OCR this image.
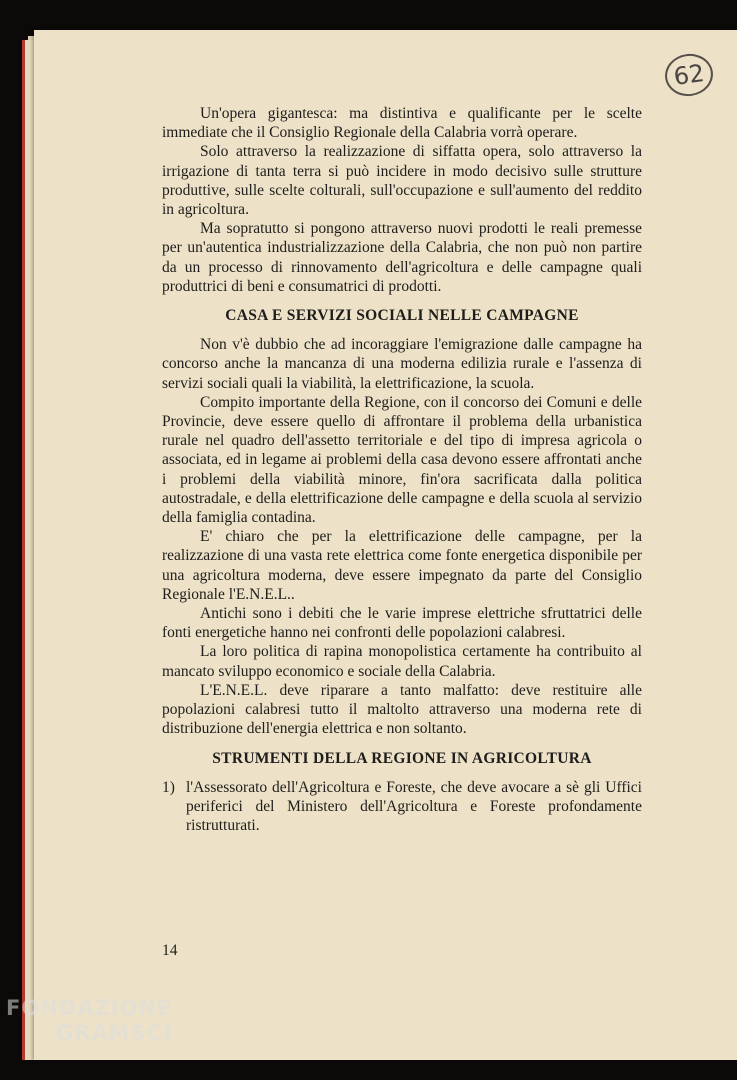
62

Un'opera gigantesca: ma distintiva e qualificante per le scelte immediate che il Consiglio Regionale della Calabria vorrà operare.

Solo attraverso la realizzazione di siffatta opera, solo attraverso la irrigazione di tanta terra si può incidere in modo decisivo sulle strutture produttive, sulle scelte colturali, sull'occupazione e sull'aumento del reddito in agricoltura.

Ma sopratutto si pongono attraverso nuovi prodotti le reali premesse per un'autentica industrializzazione della Calabria, che non può non partire da un processo di rinnovamento dell'agricoltura e delle campagne quali produttrici di beni e consumatrici di prodotti.

CASA E SERVIZI SOCIALI NELLE CAMPAGNE

Non v'è dubbio che ad incoraggiare l'emigrazione dalle campagne ha concorso anche la mancanza di una moderna edilizia rurale e l'assenza di servizi sociali quali la viabilità, la elettrificazione, la scuola.

Compito importante della Regione, con il concorso dei Comuni e delle Provincie, deve essere quello di affrontare il problema della urbanistica rurale nel quadro dell'assetto territoriale e del tipo di impresa agricola o associata, ed in legame ai problemi della casa devono essere affrontati anche i problemi della viabilità minore, fin'ora sacrificata dalla politica autostradale, e della elettrificazione delle campagne e della scuola al servizio della famiglia contadina.

E' chiaro che per la elettrificazione delle campagne, per la realizzazione di una vasta rete elettrica come fonte energetica disponibile per una agricoltura moderna, deve essere impegnato da parte del Consiglio Regionale l'E.N.E.L..

Antichi sono i debiti che le varie imprese elettriche sfruttatrici delle fonti energetiche hanno nei confronti delle popolazioni calabresi.

La loro politica di rapina monopolistica certamente ha contribuito al mancato sviluppo economico e sociale della Calabria.

L'E.N.E.L. deve riparare a tanto malfatto: deve restituire alle popolazioni calabresi tutto il maltolto attraverso una moderna rete di distribuzione dell'energia elettrica e non soltanto.

STRUMENTI DELLA REGIONE IN AGRICOLTURA

1) l'Assessorato dell'Agricoltura e Foreste, che deve avocare a sè gli Uffici periferici del Ministero dell'Agricoltura e Foreste profondamente ristrutturati.
14
FONDAZIONE
GRAMSCI
